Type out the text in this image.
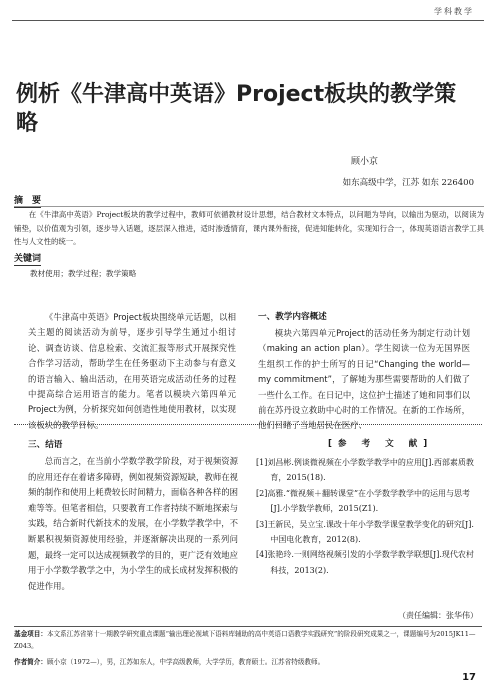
学科教学
例析《牛津高中英语》Project板块的教学策略
顾小京
如东高级中学，江苏 如东 226400
摘　要
在《牛津高中英语》Project板块的教学过程中，教师可依循教材设计思想，结合教材文本特点，以问题为导向，以输出为驱动，以阅读为铺垫，以价值观为引领，逐步导入话题，逐层深入推进，适时渗透情育，课内课外衔接，促进知能转化，实现知行合一，体现英语语言教学工具性与人文性的统一。
关键词
教材使用；教学过程；教学策略

《牛津高中英语》Project板块围绕单元话题，以相关主题的阅读活动为前导，逐步引导学生通过小组讨论、调查访谈、信息检索、交流汇报等形式开展探究性合作学习活动，帮助学生在任务驱动下主动参与有意义的语言输入、输出活动，在用英语完成活动任务的过程中提高综合运用语言的能力。笔者以模块六第四单元Project为例，分析探究如何创造性地使用教材，以实现该板块的教学目标。

一、教学内容概述

模块六第四单元Project的活动任务为制定行动计划（making an action plan）。学生阅读一位为无国界医生组织工作的护士所写的日记“Changing the world—my commitment”，了解她为那些需要帮助的人们做了一些什么工作。在日记中，这位护士描述了她和同事们以前在苏丹设立救助中心时的工作情况。在新的工作场所，他们目睹了当地居民在医疗、

三、结语

总而言之，在当前小学数学教学阶段，对于视频资源的应用还存在着诸多障碍，例如视频资源短缺，教师在视频的制作和使用上耗费较长时间精力，面临各种各样的困难等等。但笔者相信，只要教育工作者持续不断地探索与实践，结合新时代新技术的发展，在小学数学教学中，不断累积视频资源使用经验，并逐渐解决出现的一系列问题，最终一定可以达成视频教学的目的，更广泛有效地应用于小学数学教学之中，为小学生的成长成材发挥积极的促进作用。

[参 考 文 献]

[1]刘昌彬.例谈微视频在小学数学教学中的应用[J].西部素质教育，2015(18).

[2]高雅.“微视频＋翻转课堂”在小学数学教学中的运用与思考[J].小学数学教师，2015(Z1).

[3]王新民，吴立宝.课改十年小学数学课堂教学变化的研究[J].中国电化教育，2012(8).

[4]张艳玲.一则网络视频引发的小学数学教学联想[J].现代农村科技，2013(2).

（责任编辑：张华伟）
基金项目：本文系江苏省第十一期教学研究重点课题“输出理论视域下语料库辅助的高中英语口语教学实践研究”的阶段研究成果之一，课题编号为2015JK11—Z043。
作者简介：顾小京（1972—），男，江苏如东人，中学高级教师，大学学历，教育硕士。江苏省特级教师。
17
